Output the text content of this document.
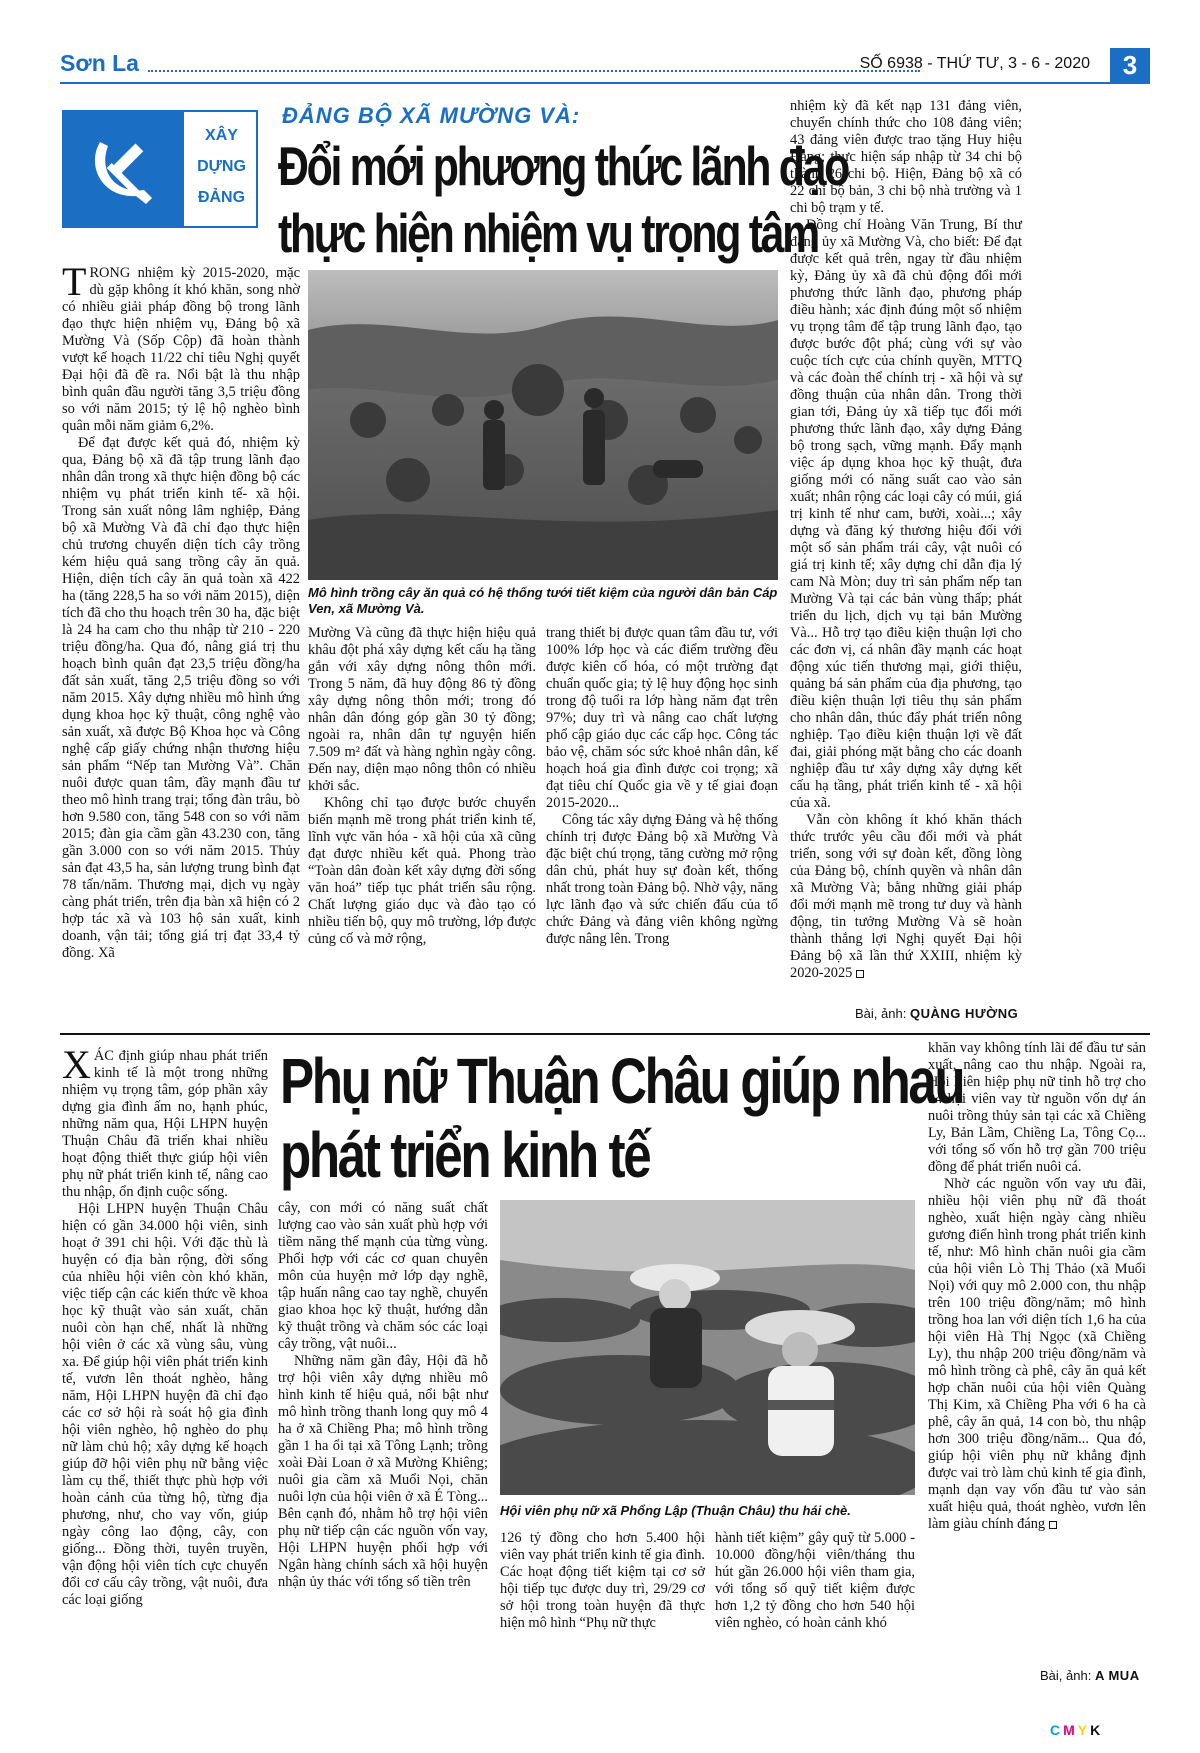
Sơn La	SỐ 6938 - THỨ TƯ, 3 - 6 - 2020	3
XÂY
DỰNG
ĐẢNG
ĐẢNG BỘ XÃ MƯỜNG VÀ:
Đổi mới phương thức lãnh đạo
thực hiện nhiệm vụ trọng tâm

TRONG nhiệm kỳ 2015-2020, mặc dù gặp không ít khó khăn, song nhờ có nhiều giải pháp đồng bộ trong lãnh đạo thực hiện nhiệm vụ, Đảng bộ xã Mường Và (Sốp Cộp) đã hoàn thành vượt kế hoạch 11/22 chỉ tiêu Nghị quyết Đại hội đã đề ra. Nổi bật là thu nhập bình quân đầu người tăng 3,5 triệu đồng so với năm 2015; tỷ lệ hộ nghèo bình quân mỗi năm giảm 6,2%.

Để đạt được kết quả đó, nhiệm kỳ qua, Đảng bộ xã đã tập trung lãnh đạo nhân dân trong xã thực hiện đồng bộ các nhiệm vụ phát triển kinh tế- xã hội. Trong sản xuất nông lâm nghiệp, Đảng bộ xã Mường Và đã chỉ đạo thực hiện chủ trương chuyển diện tích cây trồng kém hiệu quả sang trồng cây ăn quả. Hiện, diện tích cây ăn quả toàn xã 422 ha (tăng 228,5 ha so với năm 2015), diện tích đã cho thu hoạch trên 30 ha, đặc biệt là 24 ha cam cho thu nhập từ 210 - 220 triệu đồng/ha. Qua đó, nâng giá trị thu hoạch bình quân đạt 23,5 triệu đồng/ha đất sản xuất, tăng 2,5 triệu đồng so với năm 2015. Xây dựng nhiều mô hình ứng dụng khoa học kỹ thuật, công nghệ vào sản xuất, xã được Bộ Khoa học và Công nghệ cấp giấy chứng nhận thương hiệu sản phẩm “Nếp tan Mường Và”. Chăn nuôi được quan tâm, đầy mạnh đầu tư theo mô hình trang trại; tổng đàn trâu, bò hơn 9.580 con, tăng 548 con so với năm 2015; đàn gia cầm gần 43.230 con, tăng gần 3.000 con so với năm 2015. Thủy sản đạt 43,5 ha, sản lượng trung bình đạt 78 tấn/năm. Thương mại, dịch vụ ngày càng phát triển, trên địa bàn xã hiện có 2 hợp tác xã và 103 hộ sản xuất, kinh doanh, vận tải; tổng giá trị đạt 33,4 tỷ đồng. Xã

Mô hình trồng cây ăn quả có hệ thống tưới tiết kiệm của người dân bản Cáp Ven, xã Mường Và.

Mường Và cũng đã thực hiện hiệu quả khâu đột phá xây dựng kết cấu hạ tầng gắn với xây dựng nông thôn mới. Trong 5 năm, đã huy động 86 tỷ đồng xây dựng nông thôn mới; trong đó nhân dân đóng góp gần 30 tỷ đồng; ngoài ra, nhân dân tự nguyện hiến 7.509 m² đất và hàng nghìn ngày công. Đến nay, diện mạo nông thôn có nhiều khởi sắc.

Không chỉ tạo được bước chuyển biến mạnh mẽ trong phát triển kinh tế, lĩnh vực văn hóa - xã hội của xã cũng đạt được nhiều kết quả. Phong trào “Toàn dân đoàn kết xây dựng đời sống văn hoá” tiếp tục phát triển sâu rộng. Chất lượng giáo dục và đào tạo có nhiều tiến bộ, quy mô trường, lớp được củng cố và mở rộng,

trang thiết bị được quan tâm đầu tư, với 100% lớp học và các điểm trường đều được kiên cố hóa, có một trường đạt chuẩn quốc gia; tỷ lệ huy động học sinh trong độ tuổi ra lớp hàng năm đạt trên 97%; duy trì và nâng cao chất lượng phổ cập giáo dục các cấp học. Công tác bảo vệ, chăm sóc sức khoẻ nhân dân, kế hoạch hoá gia đình được coi trọng; xã đạt tiêu chí Quốc gia về y tế giai đoạn 2015-2020...

Công tác xây dựng Đảng và hệ thống chính trị được Đảng bộ xã Mường Và đặc biệt chú trọng, tăng cường mở rộng dân chủ, phát huy sự đoàn kết, thống nhất trong toàn Đảng bộ. Nhờ vậy, năng lực lãnh đạo và sức chiến đấu của tổ chức Đảng và đảng viên không ngừng được nâng lên. Trong

nhiệm kỳ đã kết nạp 131 đảng viên, chuyển chính thức cho 108 đảng viên; 43 đảng viên được trao tặng Huy hiệu Đảng; thực hiện sáp nhập từ 34 chi bộ thành 26 chi bộ. Hiện, Đảng bộ xã có 22 chi bộ bản, 3 chi bộ nhà trường và 1 chi bộ trạm y tế.

Đồng chí Hoàng Văn Trung, Bí thư đảng ủy xã Mường Và, cho biết: Để đạt được kết quả trên, ngay từ đầu nhiệm kỳ, Đảng ủy xã đã chủ động đổi mới phương thức lãnh đạo, phương pháp điều hành; xác định đúng một số nhiệm vụ trọng tâm để tập trung lãnh đạo, tạo được bước đột phá; cùng với sự vào cuộc tích cực của chính quyền, MTTQ và các đoàn thể chính trị - xã hội và sự đồng thuận của nhân dân. Trong thời gian tới, Đảng ủy xã tiếp tục đổi mới phương thức lãnh đạo, xây dựng Đảng bộ trong sạch, vững mạnh. Đẩy mạnh việc áp dụng khoa học kỹ thuật, đưa giống mới có năng suất cao vào sản xuất; nhân rộng các loại cây có múi, giá trị kinh tế như cam, bưởi, xoài...; xây dựng và đăng ký thương hiệu đối với một số sản phẩm trái cây, vật nuôi có giá trị kinh tế; xây dựng chỉ dẫn địa lý cam Nà Mòn; duy trì sản phẩm nếp tan Mường Và tại các bản vùng thấp; phát triển du lịch, dịch vụ tại bản Mường Và... Hỗ trợ tạo điều kiện thuận lợi cho các đơn vị, cá nhân đầy mạnh các hoạt động xúc tiến thương mại, giới thiệu, quảng bá sản phẩm của địa phương, tạo điều kiện thuận lợi tiêu thụ sản phẩm cho nhân dân, thúc đẩy phát triển nông nghiệp. Tạo điều kiện thuận lợi về đất đai, giải phóng mặt bằng cho các doanh nghiệp đầu tư xây dựng xây dựng kết cấu hạ tầng, phát triển kinh tế - xã hội của xã.

Vẫn còn không ít khó khăn thách thức trước yêu cầu đổi mới và phát triển, song với sự đoàn kết, đồng lòng của Đảng bộ, chính quyền và nhân dân xã Mường Và; bằng những giải pháp đổi mới mạnh mẽ trong tư duy và hành động, tin tưởng Mường Và sẽ hoàn thành thắng lợi Nghị quyết Đại hội Đảng bộ xã lần thứ XXIII, nhiệm kỳ 2020-2025

Bài, ảnh: QUÀNG HƯỜNG
Phụ nữ Thuận Châu giúp nhau
phát triển kinh tế

XÁC định giúp nhau phát triển kinh tế là một trong những nhiệm vụ trọng tâm, góp phần xây dựng gia đình ấm no, hạnh phúc, những năm qua, Hội LHPN huyện Thuận Châu đã triển khai nhiều hoạt động thiết thực giúp hội viên phụ nữ phát triển kinh tế, nâng cao thu nhập, ổn định cuộc sống.

Hội LHPN huyện Thuận Châu hiện có gần 34.000 hội viên, sinh hoạt ở 391 chi hội. Với đặc thù là huyện có địa bàn rộng, đời sống của nhiều hội viên còn khó khăn, việc tiếp cận các kiến thức về khoa học kỹ thuật vào sản xuất, chăn nuôi còn hạn chế, nhất là những hội viên ở các xã vùng sâu, vùng xa. Để giúp hội viên phát triển kinh tế, vươn lên thoát nghèo, hằng năm, Hội LHPN huyện đã chỉ đạo các cơ sở hội rà soát hộ gia đình hội viên nghèo, hộ nghèo do phụ nữ làm chủ hộ; xây dựng kế hoạch giúp đỡ hội viên phụ nữ bằng việc làm cụ thể, thiết thực phù hợp với hoàn cảnh của từng hộ, từng địa phương, như, cho vay vốn, giúp ngày công lao động, cây, con giống... Đồng thời, tuyên truyền, vận động hội viên tích cực chuyển đổi cơ cấu cây trồng, vật nuôi, đưa các loại giống

cây, con mới có năng suất chất lượng cao vào sản xuất phù hợp với tiềm năng thế mạnh của từng vùng. Phối hợp với các cơ quan chuyên môn của huyện mở lớp dạy nghề, tập huấn nâng cao tay nghề, chuyển giao khoa học kỹ thuật, hướng dẫn kỹ thuật trồng và chăm sóc các loại cây trồng, vật nuôi...

Những năm gần đây, Hội đã hỗ trợ hội viên xây dựng nhiều mô hình kinh tế hiệu quả, nổi bật như mô hình trồng thanh long quy mô 4 ha ở xã Chiềng Pha; mô hình trồng gần 1 ha ổi tại xã Tông Lạnh; trồng xoài Đài Loan ở xã Mường Khiêng; nuôi gia cầm xã Muổi Nọi, chăn nuôi lợn của hội viên ở xã É Tòng... Bên cạnh đó, nhằm hỗ trợ hội viên phụ nữ tiếp cận các nguồn vốn vay, Hội LHPN huyện phối hợp với Ngân hàng chính sách xã hội huyện nhận ủy thác với tổng số tiền trên

Hội viên phụ nữ xã Phổng Lập (Thuận Châu) thu hái chè.

126 tỷ đồng cho hơn 5.400 hội viên vay phát triển kinh tế gia đình. Các hoạt động tiết kiệm tại cơ sở hội tiếp tục được duy trì, 29/29 cơ sở hội trong toàn huyện đã thực hiện mô hình “Phụ nữ thực

hành tiết kiệm” gây quỹ từ 5.000 - 10.000 đồng/hội viên/tháng thu hút gần 26.000 hội viên tham gia, với tổng số quỹ tiết kiệm được hơn 1,2 tỷ đồng cho hơn 540 hội viên nghèo, có hoàn cảnh khó

khăn vay không tính lãi để đầu tư sản xuất, nâng cao thu nhập. Ngoài ra, Hội Liên hiệp phụ nữ tỉnh hỗ trợ cho 94 hội viên vay từ nguồn vốn dự án nuôi trồng thủy sản tại các xã Chiềng Ly, Bản Lầm, Chiềng La, Tông Cọ... với tổng số vốn hỗ trợ gần 700 triệu đồng để phát triển nuôi cá.

Nhờ các nguồn vốn vay ưu đãi, nhiều hội viên phụ nữ đã thoát nghèo, xuất hiện ngày càng nhiều gương điển hình trong phát triển kinh tế, như: Mô hình chăn nuôi gia cầm của hội viên Lò Thị Thảo (xã Muổi Nọi) với quy mô 2.000 con, thu nhập trên 100 triệu đồng/năm; mô hình trồng hoa lan với diện tích 1,6 ha của hội viên Hà Thị Ngọc (xã Chiềng Ly), thu nhập 200 triệu đồng/năm và mô hình trồng cà phê, cây ăn quả kết hợp chăn nuôi của hội viên Quàng Thị Kim, xã Chiềng Pha với 6 ha cà phê, cây ăn quả, 14 con bò, thu nhập hơn 300 triệu đồng/năm... Qua đó, giúp hội viên phụ nữ khẳng định được vai trò làm chủ kinh tế gia đình, mạnh dạn vay vốn đầu tư vào sản xuất hiệu quả, thoát nghèo, vươn lên làm giàu chính đáng

Bài, ảnh: A MUA
CMYK
